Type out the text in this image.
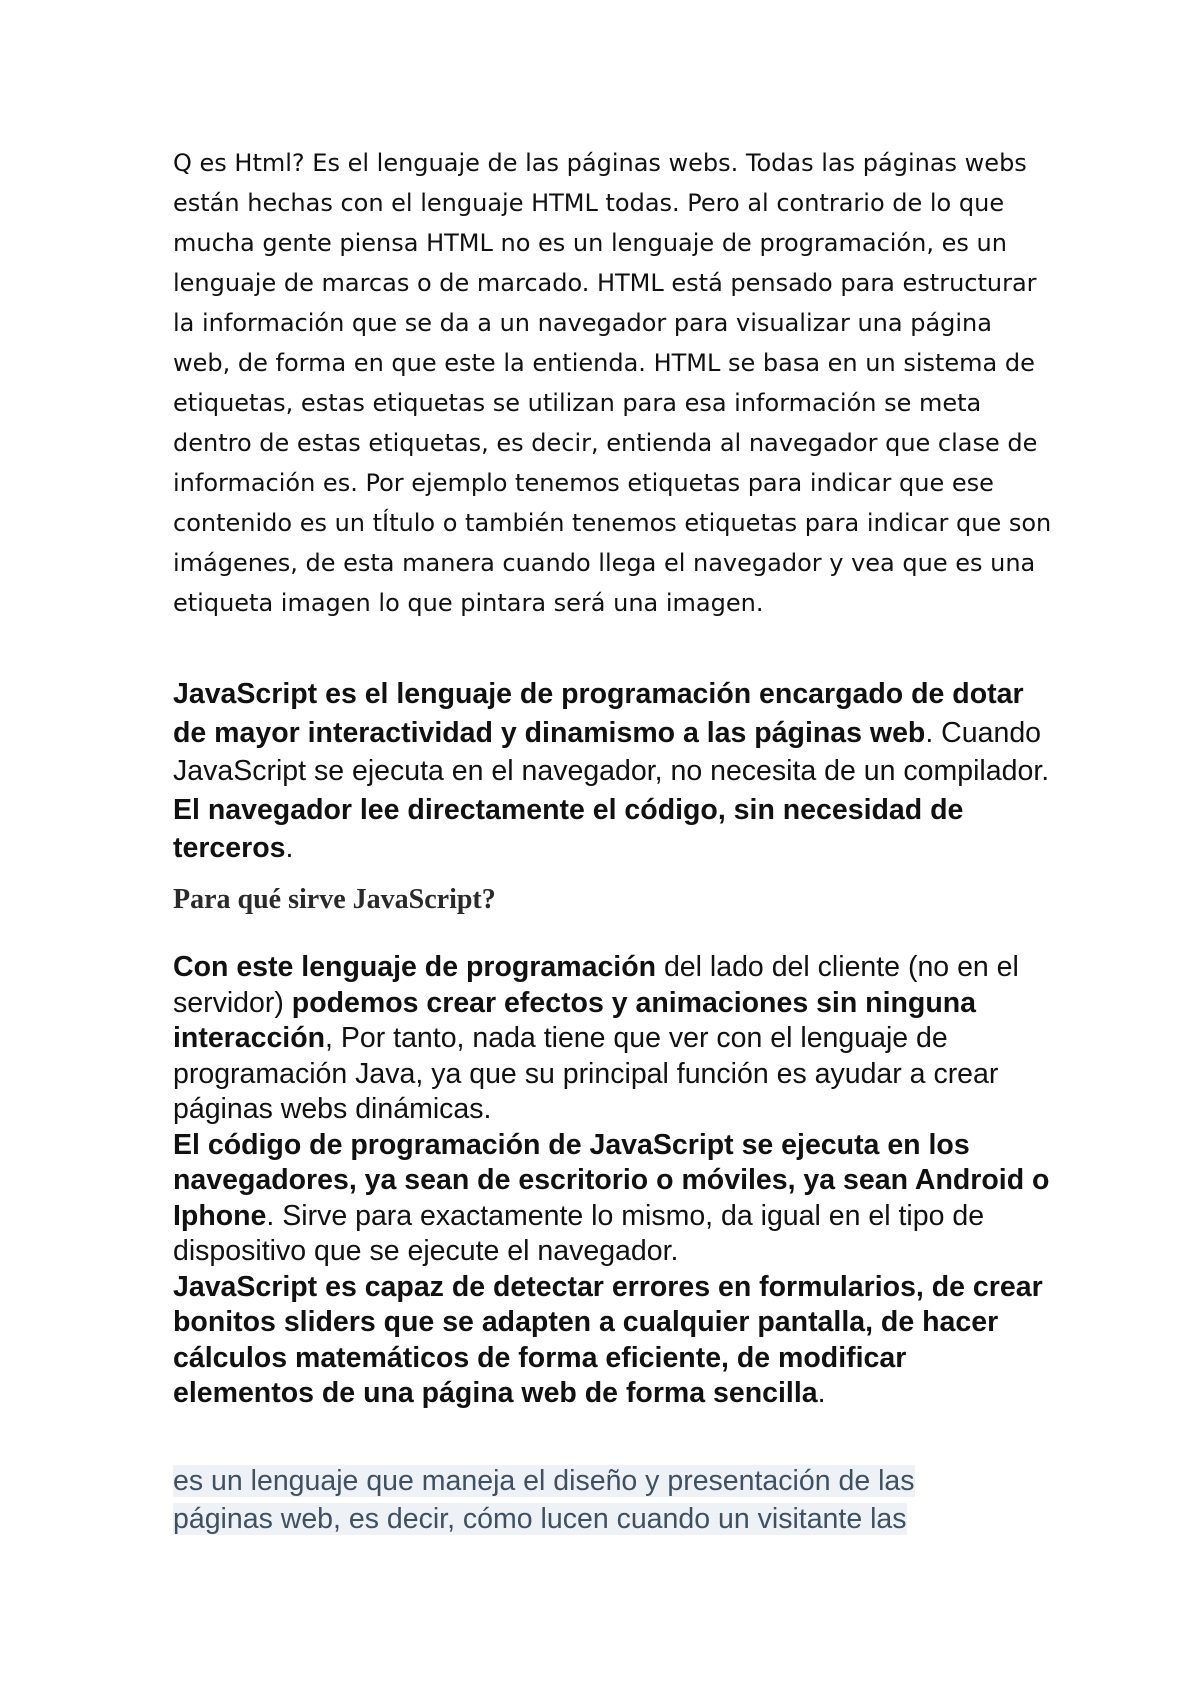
Q es Html? Es el lenguaje de las páginas webs. Todas las páginas webs están hechas con el lenguaje HTML todas. Pero al contrario de lo que mucha gente piensa HTML no es un lenguaje de programación, es un lenguaje de marcas o de marcado. HTML está pensado para estructurar la información que se da a un navegador para visualizar una página web, de forma en que este la entienda. HTML se basa en un sistema de etiquetas, estas etiquetas se utilizan para esa información se meta dentro de estas etiquetas, es decir, entienda al navegador que clase de información es. Por ejemplo tenemos etiquetas para indicar que ese contenido es un tÍtulo o también tenemos etiquetas para indicar que son imágenes, de esta manera cuando llega el navegador y vea que es una etiqueta imagen lo que pintara será una imagen.
JavaScript es el lenguaje de programación encargado de dotar de mayor interactividad y dinamismo a las páginas web. Cuando JavaScript se ejecuta en el navegador, no necesita de un compilador. El navegador lee directamente el código, sin necesidad de terceros.
Para qué sirve JavaScript?
Con este lenguaje de programación del lado del cliente (no en el servidor) podemos crear efectos y animaciones sin ninguna interacción, Por tanto, nada tiene que ver con el lenguaje de programación Java, ya que su principal función es ayudar a crear páginas webs dinámicas.
El código de programación de JavaScript se ejecuta en los navegadores, ya sean de escritorio o móviles, ya sean Android o Iphone. Sirve para exactamente lo mismo, da igual en el tipo de dispositivo que se ejecute el navegador.
JavaScript es capaz de detectar errores en formularios, de crear bonitos sliders que se adapten a cualquier pantalla, de hacer cálculos matemáticos de forma eficiente, de modificar elementos de una página web de forma sencilla.
es un lenguaje que maneja el diseño y presentación de las
páginas web, es decir, cómo lucen cuando un visitante las
